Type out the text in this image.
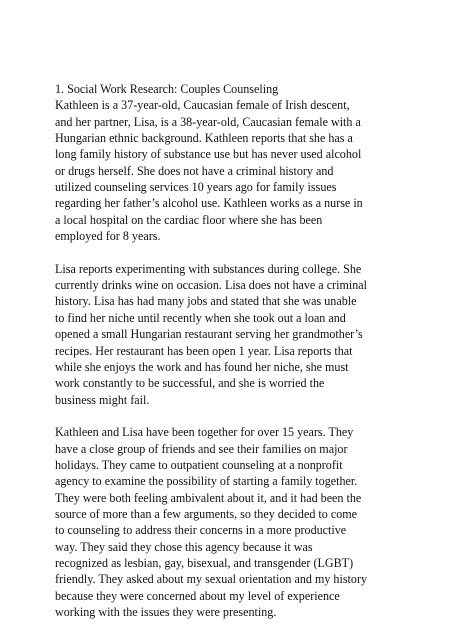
1. Social Work Research: Couples Counseling
Kathleen is a 37-year-old, Caucasian female of Irish descent,
and her partner, Lisa, is a 38-year-old, Caucasian female with a
Hungarian ethnic background. Kathleen reports that she has a
long family history of substance use but has never used alcohol
or drugs herself. She does not have a criminal history and
utilized counseling services 10 years ago for family issues
regarding her father’s alcohol use. Kathleen works as a nurse in
a local hospital on the cardiac floor where she has been
employed for 8 years.
Lisa reports experimenting with substances during college. She
currently drinks wine on occasion. Lisa does not have a criminal
history. Lisa has had many jobs and stated that she was unable
to find her niche until recently when she took out a loan and
opened a small Hungarian restaurant serving her grandmother’s
recipes. Her restaurant has been open 1 year. Lisa reports that
while she enjoys the work and has found her niche, she must
work constantly to be successful, and she is worried the
business might fail.
Kathleen and Lisa have been together for over 15 years. They
have a close group of friends and see their families on major
holidays. They came to outpatient counseling at a nonprofit
agency to examine the possibility of starting a family together.
They were both feeling ambivalent about it, and it had been the
source of more than a few arguments, so they decided to come
to counseling to address their concerns in a more productive
way. They said they chose this agency because it was
recognized as lesbian, gay, bisexual, and transgender (LGBT)
friendly. They asked about my sexual orientation and my history
because they were concerned about my level of experience
working with the issues they were presenting.
